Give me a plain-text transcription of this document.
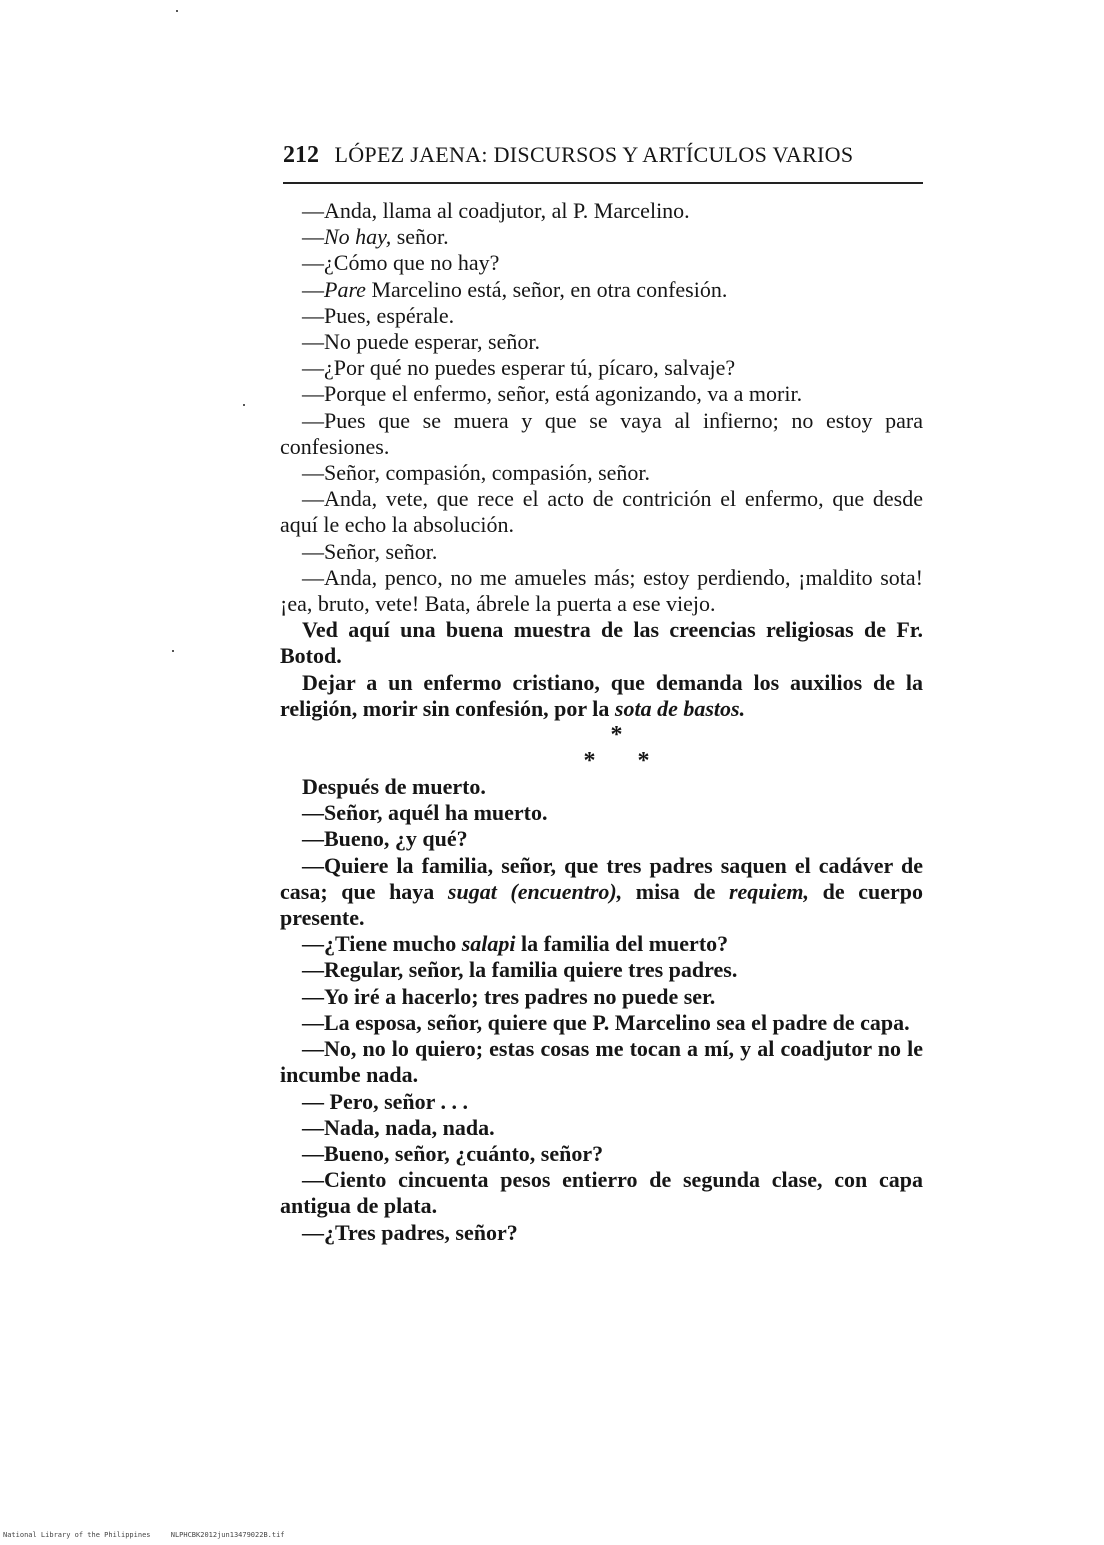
212 LÓPEZ JAENA: DISCURSOS Y ARTÍCULOS VARIOS

—Anda, llama al coadjutor, al P. Marcelino.

—No hay, señor.

—¿Cómo que no hay?

—Pare Marcelino está, señor, en otra confesión.

—Pues, espérale.

—No puede esperar, señor.

—¿Por qué no puedes esperar tú, pícaro, salvaje?

—Porque el enfermo, señor, está agonizando, va a morir.

—Pues que se muera y que se vaya al infierno; no estoy para confesiones.

—Señor, compasión, compasión, señor.

—Anda, vete, que rece el acto de contrición el enfermo, que desde aquí le echo la absolución.

—Señor, señor.

—Anda, penco, no me amueles más; estoy perdiendo, ¡maldito sota! ¡ea, bruto, vete! Bata, ábrele la puerta a ese viejo.

Ved aquí una buena muestra de las creencias religiosas de Fr. Botod.

Dejar a un enfermo cristiano, que demanda los auxilios de la religión, morir sin confesión, por la sota de bastos.

*
* *

Después de muerto.

—Señor, aquél ha muerto.

—Bueno, ¿y qué?

—Quiere la familia, señor, que tres padres saquen el cadáver de casa; que haya sugat (encuentro), misa de requiem, de cuerpo presente.

—¿Tiene mucho salapi la familia del muerto?

—Regular, señor, la familia quiere tres padres.

—Yo iré a hacerlo; tres padres no puede ser.

—La esposa, señor, quiere que P. Marcelino sea el padre de capa.

—No, no lo quiero; estas cosas me tocan a mí, y al coadjutor no le incumbe nada.

— Pero, señor . . .

—Nada, nada, nada.

—Bueno, señor, ¿cuánto, señor?

—Ciento cincuenta pesos entierro de segunda clase, con capa antigua de plata.

—¿Tres padres, señor?

National Library of the Philippines	NLPHCBK2012jun13479022B.tif
